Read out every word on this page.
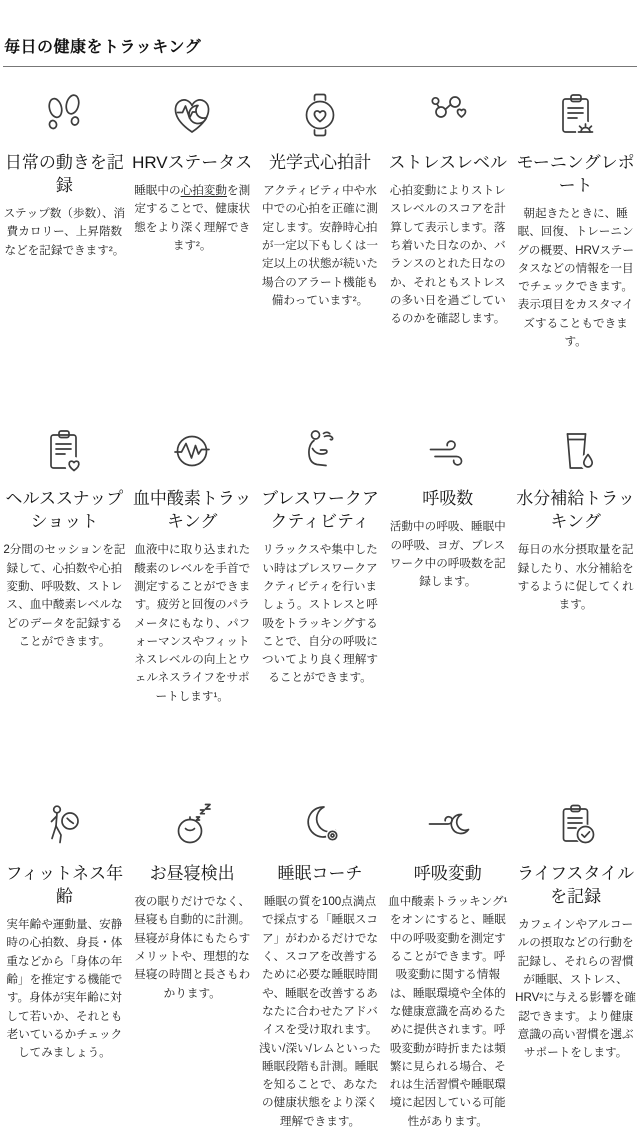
毎日の健康をトラッキング
日常の動きを記録

ステップ数（歩数）、消費カロリー、上昇階数などを記録できます²。

HRVステータス

睡眠中の心拍変動を測定することで、健康状態をより深く理解できます²。

光学式心拍計

アクティビティ中や水中での心拍を正確に測定します。安静時心拍が一定以下もしくは一定以上の状態が続いた場合のアラート機能も備わっています²。

ストレスレベル

心拍変動によりストレスレベルのスコアを計算して表示します。落ち着いた日なのか、バランスのとれた日なのか、それともストレスの多い日を過ごしているのかを確認します。

モーニングレポート

朝起きたときに、睡眠、回復、トレーニングの概要、HRVステータスなどの情報を一目でチェックできます。表示項目をカスタマイズすることもできます。

ヘルススナップショット

2分間のセッションを記録して、心拍数や心拍変動、呼吸数、ストレス、血中酸素レベルなどのデータを記録することができます。

血中酸素トラッキング

血液中に取り込まれた酸素のレベルを手首で測定することができます。疲労と回復のパラメータにもなり、パフォーマンスやフィットネスレベルの向上とウェルネスライフをサポートします¹。

ブレスワークアクティビティ

リラックスや集中したい時はブレスワークアクティビティを行いましょう。ストレスと呼吸をトラッキングすることで、自分の呼吸についてより良く理解することができます。

呼吸数

活動中の呼吸、睡眠中の呼吸、ヨガ、ブレスワーク中の呼吸数を記録します。

水分補給トラッキング

毎日の水分摂取量を記録したり、水分補給をするように促してくれます。

フィットネス年齢

実年齢や運動量、安静時の心拍数、身長・体重などから「身体の年齢」を推定する機能です。身体が実年齢に対して若いか、それとも老いているかチェックしてみましょう。

お昼寝検出

夜の眠りだけでなく、昼寝も自動的に計測。昼寝が身体にもたらすメリットや、理想的な昼寝の時間と長さもわかります。

睡眠コーチ

睡眠の質を100点満点で採点する「睡眠スコア」がわかるだけでなく、スコアを改善するために必要な睡眠時間や、睡眠を改善するあなたに合わせたアドバイスを受け取れます。浅い/深い/レムといった睡眠段階も計測。睡眠を知ることで、あなたの健康状態をより深く理解できます。

呼吸変動

血中酸素トラッキング¹をオンにすると、睡眠中の呼吸変動を測定することができます。呼吸変動に関する情報は、睡眠環境や全体的な健康意識を高めるために提供されます。呼吸変動が時折または頻繁に見られる場合、それは生活習慣や睡眠環境に起因している可能性があります。

ライフスタイルを記録

カフェインやアルコールの摂取などの行動を記録し、それらの習慣が睡眠、ストレス、HRV²に与える影響を確認できます。より健康意識の高い習慣を選ぶサポートをします。
